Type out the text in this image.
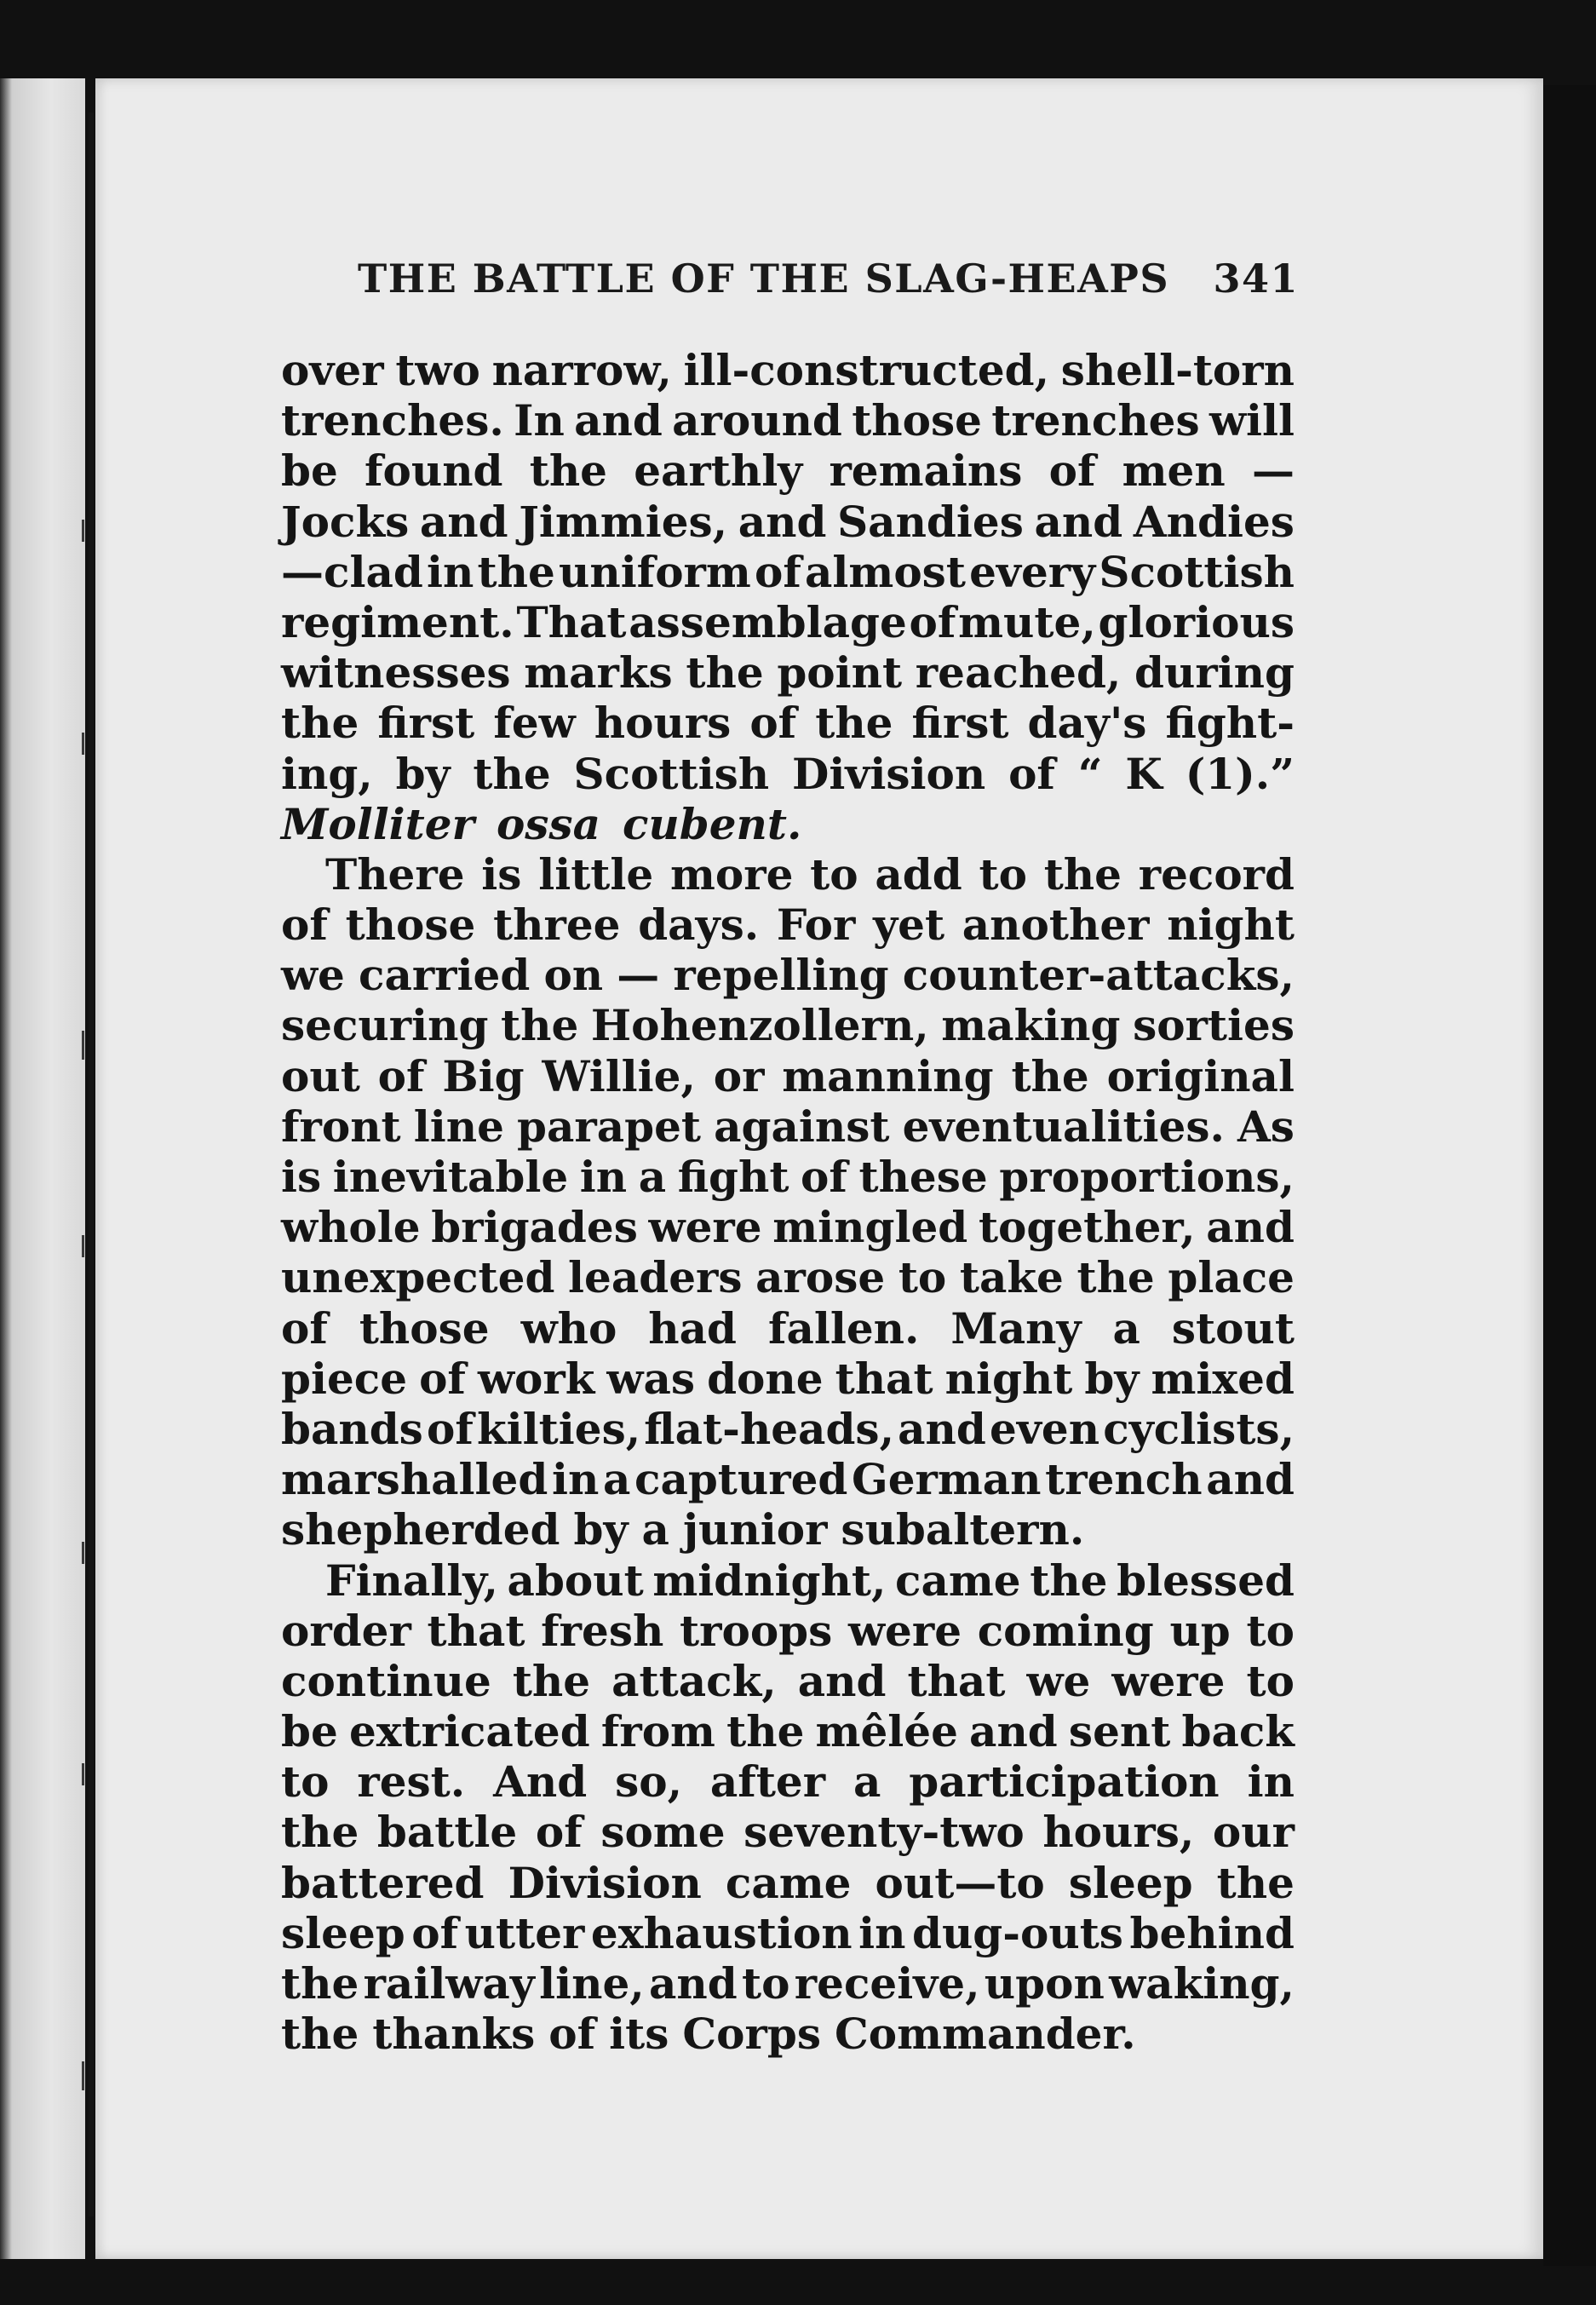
THE BATTLE OF THE SLAG-HEAPS 341
over two narrow, ill-constructed, shell-torn
trenches. In and around those trenches will
be found the earthly remains of men —
Jocks and Jimmies, and Sandies and Andies
—clad in the uniform of almost every Scottish
regiment. That assemblage of mute, glorious
witnesses marks the point reached, during
the first few hours of the first day's fight-
ing, by the Scottish Division of “ K (1).”
Molliter ossa cubent.
There is little more to add to the record
of those three days. For yet another night
we carried on — repelling counter-attacks,
securing the Hohenzollern, making sorties
out of Big Willie, or manning the original
front line parapet against eventualities. As
is inevitable in a fight of these proportions,
whole brigades were mingled together, and
unexpected leaders arose to take the place
of those who had fallen. Many a stout
piece of work was done that night by mixed
bands of kilties, flat-heads, and even cyclists,
marshalled in a captured German trench and
shepherded by a junior subaltern.
Finally, about midnight, came the blessed
order that fresh troops were coming up to
continue the attack, and that we were to
be extricated from the mêlée and sent back
to rest. And so, after a participation in
the battle of some seventy-two hours, our
battered Division came out—to sleep the
sleep of utter exhaustion in dug-outs behind
the railway line, and to receive, upon waking,
the thanks of its Corps Commander.
